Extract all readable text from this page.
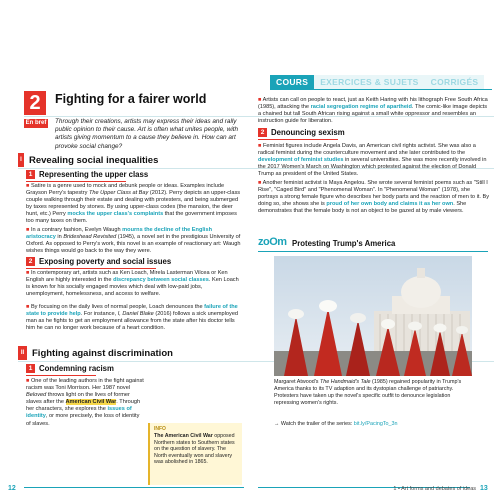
COURS	EXERCICES & SUJETS	CORRIGÉS
2	Fighting for a fairer world
En bref Through their creations, artists may express their ideas and rally public opinion to their cause. Art is often what unites people, with artists giving momentum to a cause they believe in. How can art provoke social change?
I Revealing social inequalities
1 Representing the upper class
■ Satire is a genre used to mock and debunk people or ideas. Examples include Grayson Perry's tapestry The Upper Class at Bay (2012). Perry depicts an upper-class couple walking through their estate and dealing with protesters, and being submerged by taxes represented by stones. By using upper-class codes (the mansion, the deer hunt, etc.) Perry mocks the upper class's complaints that the government imposes too many taxes on them.
■ In a contrary fashion, Evelyn Waugh mourns the decline of the English aristocracy in Brideshead Revisited (1945), a novel set in the prestigious University of Oxford. As opposed to Perry's work, this novel is an example of reactionary art: Waugh wishes things would go back to the way they were.
2 Exposing poverty and social issues
■ In contemporary art, artists such as Ken Loach, Mirela Lasterman Vilcea or Ken English are highly interested in the discrepancy between social classes. Ken Loach is known for his socially engaged movies which deal with low-paid jobs, unemployment, homelessness, and access to welfare.
■ By focusing on the daily lives of normal people, Loach denounces the failure of the state to provide help. For instance, I, Daniel Blake (2016) follows a sick unemployed man as he fights to get an employment allowance from the state after his doctor tells him he can no longer work because of a heart condition.
II Fighting against discrimination
1 Condemning racism
■ One of the leading authors in the fight against racism was Toni Morrison. Her 1987 novel Beloved throws light on the lives of former slaves after the American Civil War. Through her characters, she explores the issues of identity, or more precisely, the loss of identity of slaves.
INFO
The American Civil War opposed Northern states to Southern states on the question of slavery. The North eventually won and slavery was abolished in 1865.
12
■ Artists can call on people to react, just as Keith Haring with his lithograph Free South Africa (1985), attacking the racial segregation regime of apartheid. The comic-like image depicts a chained but tall South African rising against a small white oppressor and resembles an instruction guide for liberation.
2 Denouncing sexism
■ Feminist figures include Angela Davis, an American civil rights activist. She was also a radical feminist during the counterculture movement and she later contributed to the development of feminist studies in several universities. She was more recently involved in the 2017 Women's March on Washington which protested against the election of Donald Trump as president of the United States.
■ Another feminist activist is Maya Angelou. She wrote several feminist poems such as "Still I Rise", "Caged Bird" and "Phenomenal Woman". In "Phenomenal Woman" (1978), she portrays a strong female figure who describes her body parts and the reaction of men to it. By doing so, she shows she is proud of her own body and claims it as her own. She demonstrates that the female body is not an object to be gazed at by male viewers.
zoOm Protesting Trump's America
Margaret Atwood's The Handmaid's Tale (1985) regained popularity in Trump's America thanks to its TV adaption and its dystopian challenge of patriarchy. Protesters have taken up the novel's specific outfit to denounce legislation repressing women's rights.
→ Watch the trailer of the series: bit.ly/PacingTo_3n
1 • Art forms and debates of ideas 13
